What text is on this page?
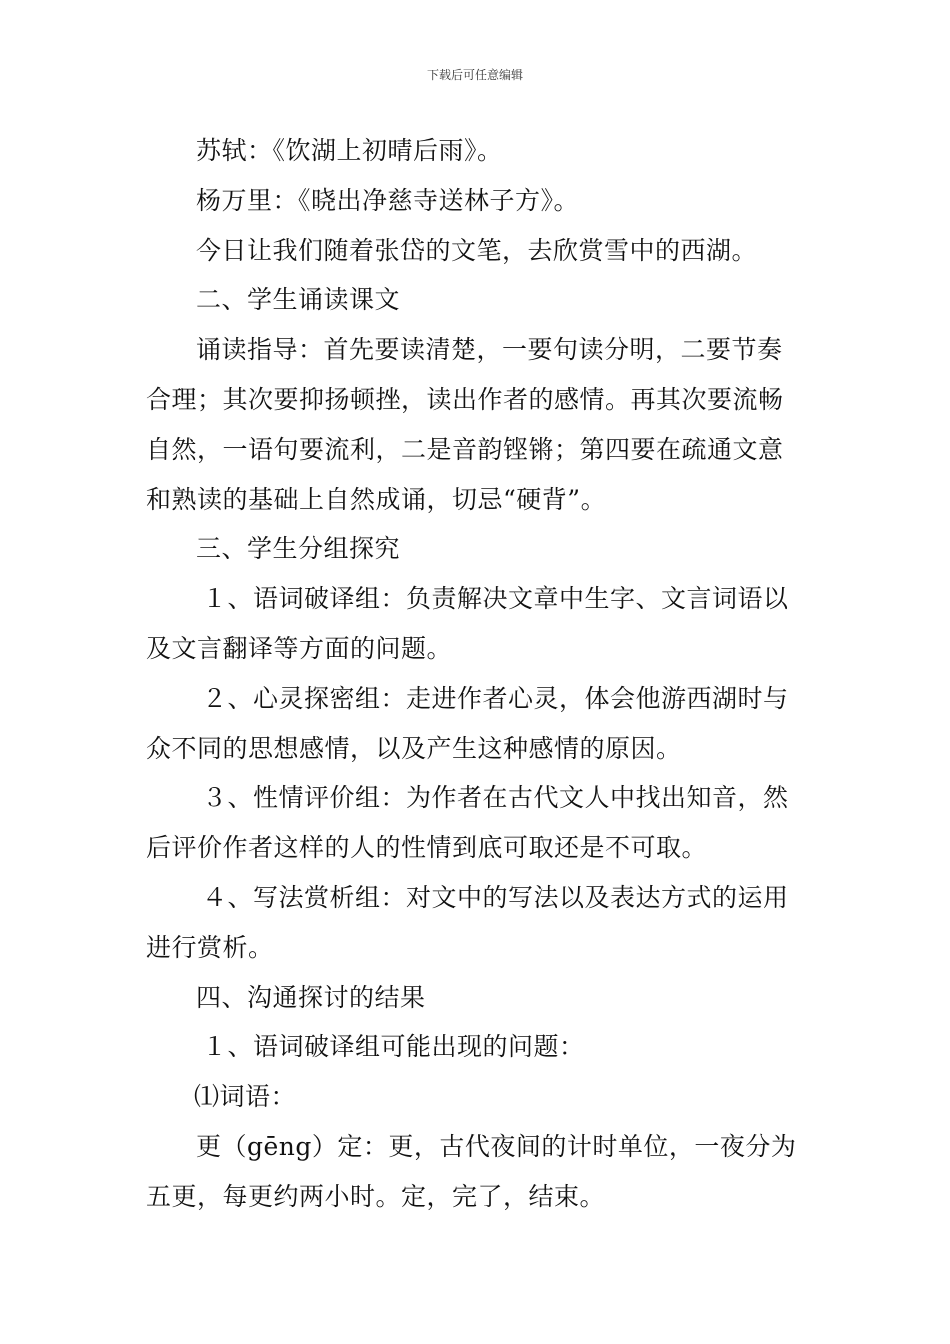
下载后可任意编辑
苏轼：《饮湖上初晴后雨》。
杨万里：《晓出净慈寺送林子方》。
今日让我们随着张岱的文笔，去欣赏雪中的西湖。
二、学生诵读课文
诵读指导：首先要读清楚，一要句读分明，二要节奏
合理；其次要抑扬顿挫，读出作者的感情。再其次要流畅
自然，一语句要流利，二是音韵铿锵；第四要在疏通文意
和熟读的基础上自然成诵，切忌“硬背”。
三、学生分组探究
１、语词破译组：负责解决文章中生字、文言词语以
及文言翻译等方面的问题。
２、心灵探密组：走进作者心灵，体会他游西湖时与
众不同的思想感情，以及产生这种感情的原因。
３、性情评价组：为作者在古代文人中找出知音，然
后评价作者这样的人的性情到底可取还是不可取。
４、写法赏析组：对文中的写法以及表达方式的运用
进行赏析。
四、沟通探讨的结果
１、语词破译组可能出现的问题：
⑴词语：
更（gēng）定：更，古代夜间的计时单位，一夜分为
五更，每更约两小时。定，完了，结束。
